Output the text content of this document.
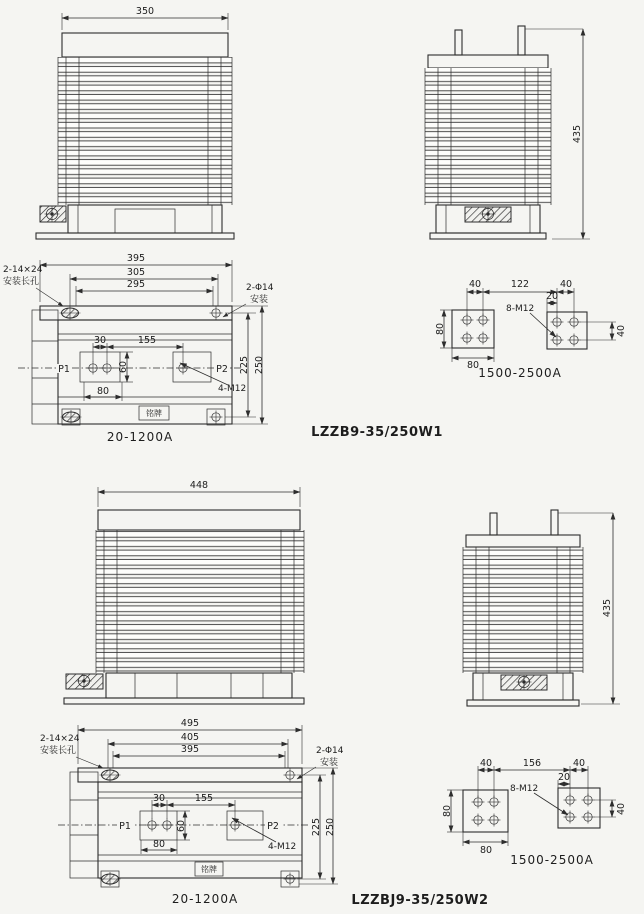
350
435
395
305
295
2-14×24
安装长孔
2-Φ14
安装
30	155
60
80	4-M12
P1	P2 225 250
铭牌
20-1200A
40	122	40
20
8-M12
80
80
40
1500-2500A
LZZB9-35/250W1
448
435
495
405
395
2-14×24
安装长孔	2-Φ14
安装
30	155
60
80	4-M12
P1	P2	225 250
铭牌
20-1200A
40	156	40
20
8-M12
80
80
40
1500-2500A
LZZBJ9-35/250W2
